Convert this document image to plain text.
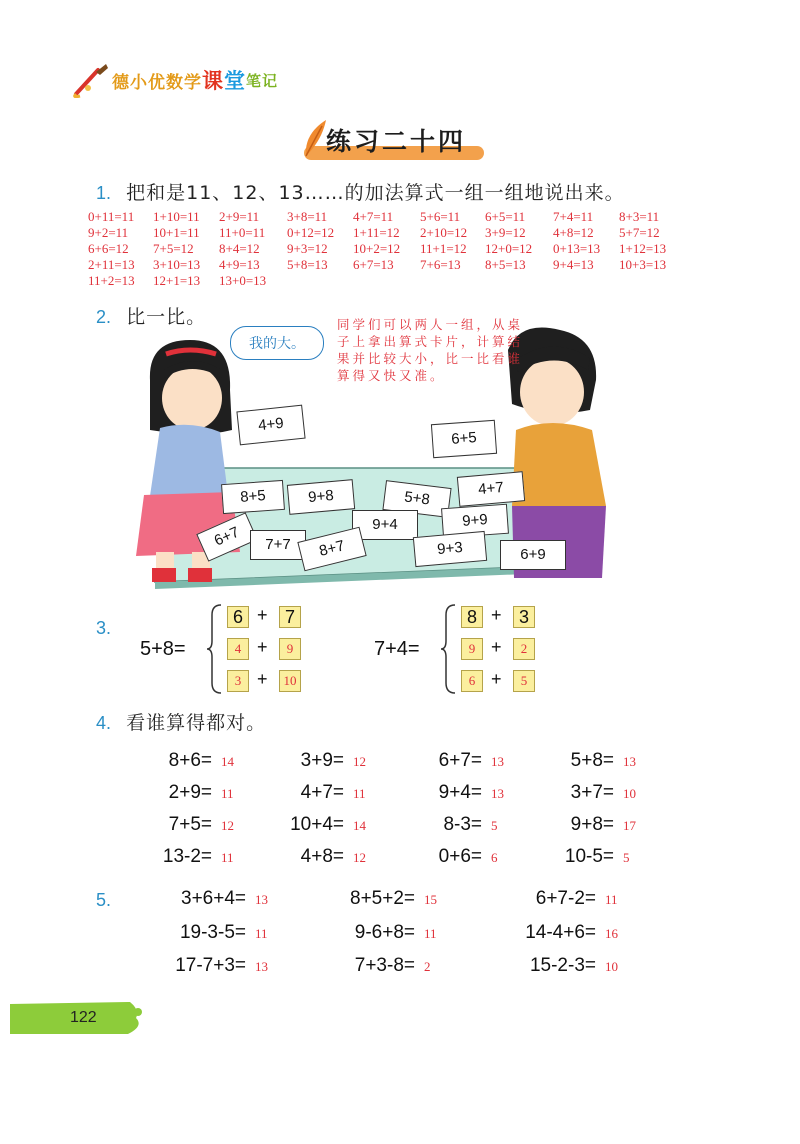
德小优数学 课 堂 笔记
练习二十四
1. 把和是11、12、13……的加法算式一组一组地说出来。
0+11=11 1+10=11 2+9=11 3+8=11 4+7=11 5+6=11 6+5=11 7+4=11 8+3=11
9+2=11 10+1=11 11+0=11 0+12=12 1+11=12 2+10=12 3+9=12 4+8=12 5+7=12
6+6=12 7+5=12 8+4=12 9+3=12 10+2=12 11+1=12 12+0=12 0+13=13 1+12=13
2+11=13 3+10=13 4+9=13 5+8=13 6+7=13 7+6=13 8+5=13 9+4=13 10+3=13
11+2=13 12+1=13 13+0=13
2. 比一比。
我的大。
同学们可以两人一组，从桌子上拿出算式卡片，计算结果并比较大小，比一比看谁算得又快又准。
4+9
6+5
8+5	9+8	5+8
4+7
9+4	9+9
6+7	7+7	8+7	9+3	6+9
3.
5+8=
6 + 7
4 +	9
3 +	10
7+4=
8 + 3
9 +	2
6 +	5
4. 看谁算得都对。
8+6= 14	3+9= 12	6+7= 13	5+8= 13
2+9= 11	4+7= 11	9+4= 13	3+7= 10
7+5= 12	10+4= 14	8-3= 5	9+8= 17
13-2= 11	4+8= 12	0+6= 6	10-5= 5
5.	3+6+4= 13	8+5+2= 15	6+7-2= 11
19-3-5= 11	9-6+8= 11	14-4+6= 16
17-7+3= 13	7+3-8= 2	15-2-3= 10
122
